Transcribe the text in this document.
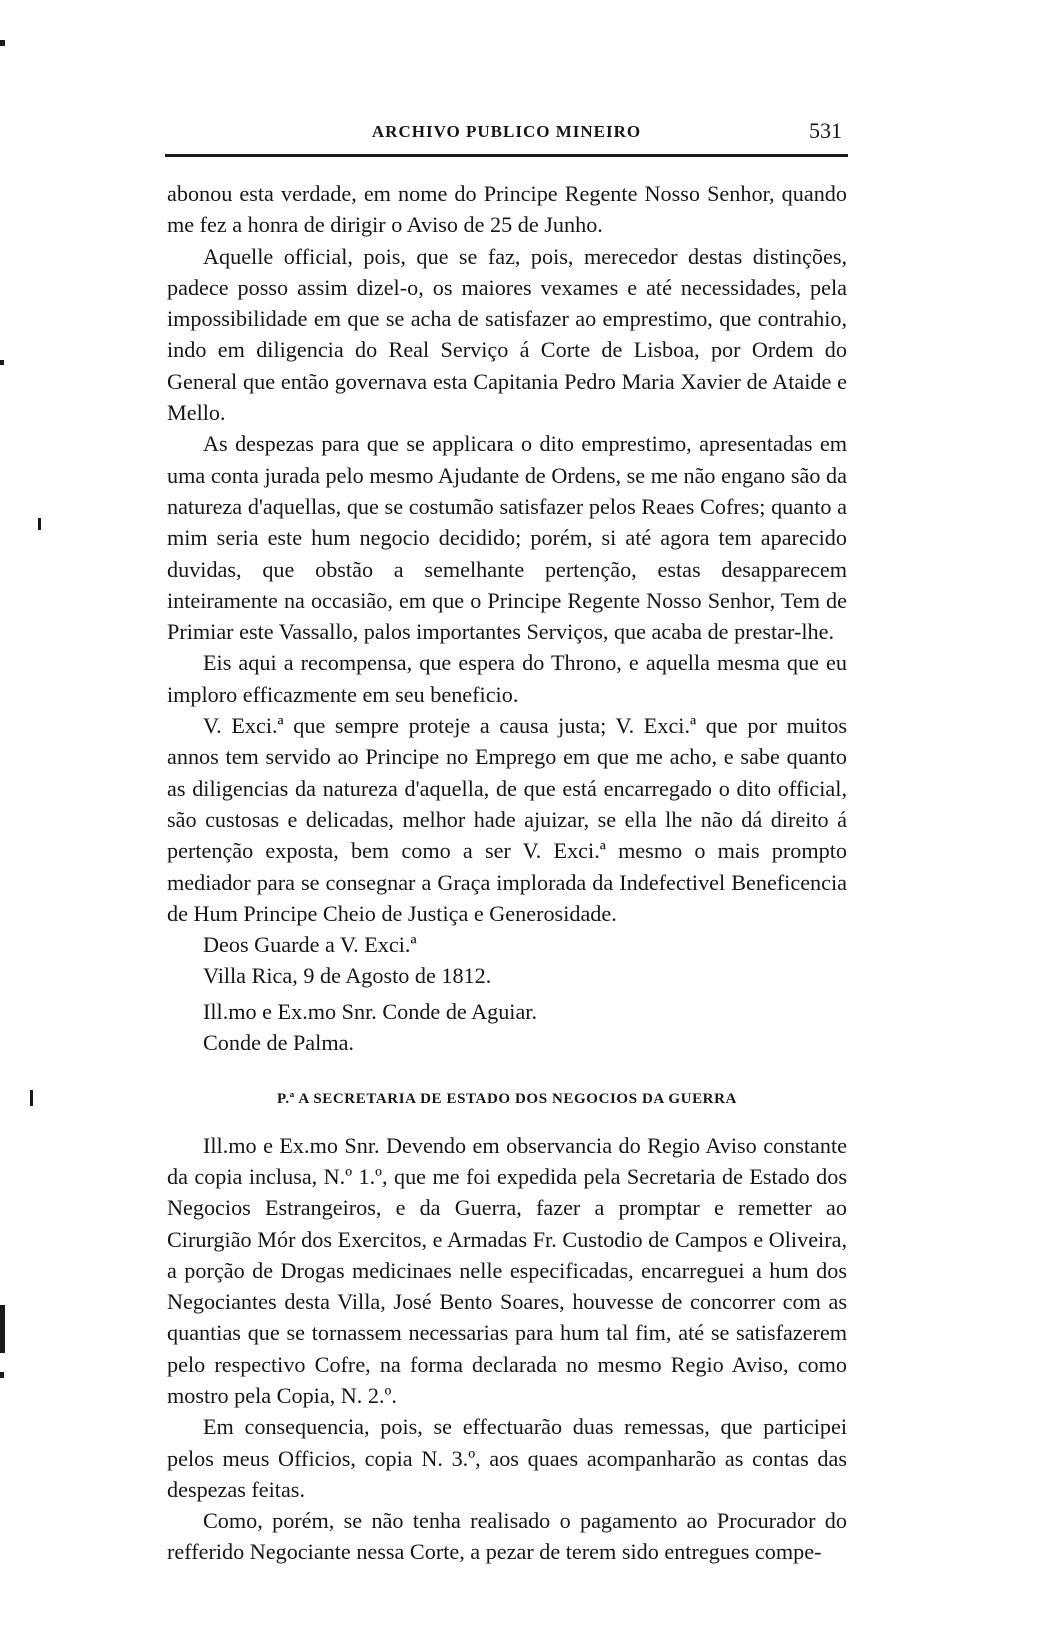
ARCHIVO PUBLICO MINEIRO	531

abonou esta verdade, em nome do Principe Regente Nosso Senhor, quando me fez a honra de dirigir o Aviso de 25 de Junho.

Aquelle official, pois, que se faz, pois, merecedor destas distinções, padece posso assim dizel-o, os maiores vexames e até necessidades, pela impossibilidade em que se acha de satisfazer ao emprestimo, que contrahio, indo em diligencia do Real Serviço á Corte de Lisboa, por Ordem do General que então governava esta Capitania Pedro Maria Xavier de Ataide e Mello.

As despezas para que se applicara o dito emprestimo, apresentadas em uma conta jurada pelo mesmo Ajudante de Ordens, se me não engano são da natureza d'aquellas, que se costumão satisfazer pelos Reaes Cofres; quanto a mim seria este hum negocio decidido; porém, si até agora tem aparecido duvidas, que obstão a semelhante pertenção, estas desapparecem inteiramente na occasião, em que o Principe Regente Nosso Senhor, Tem de Primiar este Vassallo, palos importantes Serviços, que acaba de prestar-lhe.

Eis aqui a recompensa, que espera do Throno, e aquella mesma que eu imploro efficazmente em seu beneficio.

V. Exci.ª que sempre proteje a causa justa; V. Exci.ª que por muitos annos tem servido ao Principe no Emprego em que me acho, e sabe quanto as diligencias da natureza d'aquella, de que está encarregado o dito official, são custosas e delicadas, melhor hade ajuizar, se ella lhe não dá direito á pertenção exposta, bem como a ser V. Exci.ª mesmo o mais prompto mediador para se consegnar a Graça implorada da Indefectivel Beneficencia de Hum Principe Cheio de Justiça e Generosidade.

Deos Guarde a V. Exci.ª

Villa Rica, 9 de Agosto de 1812.

Ill.mo e Ex.mo Snr. Conde de Aguiar.

Conde de Palma.

P.ª A SECRETARIA DE ESTADO DOS NEGOCIOS DA GUERRA

Ill.mo e Ex.mo Snr. Devendo em observancia do Regio Aviso constante da copia inclusa, N.º 1.º, que me foi expedida pela Secretaria de Estado dos Negocios Estrangeiros, e da Guerra, fazer a promptar e remetter ao Cirurgião Mór dos Exercitos, e Armadas Fr. Custodio de Campos e Oliveira, a porção de Drogas medicinaes nelle especificadas, encarreguei a hum dos Negociantes desta Villa, José Bento Soares, houvesse de concorrer com as quantias que se tornassem necessarias para hum tal fim, até se satisfazerem pelo respectivo Cofre, na forma declarada no mesmo Regio Aviso, como mostro pela Copia, N. 2.º.

Em consequencia, pois, se effectuarão duas remessas, que participei pelos meus Officios, copia N. 3.º, aos quaes acompanharão as contas das despezas feitas.

Como, porém, se não tenha realisado o pagamento ao Procurador do refferido Negociante nessa Corte, a pezar de terem sido entregues compe-
